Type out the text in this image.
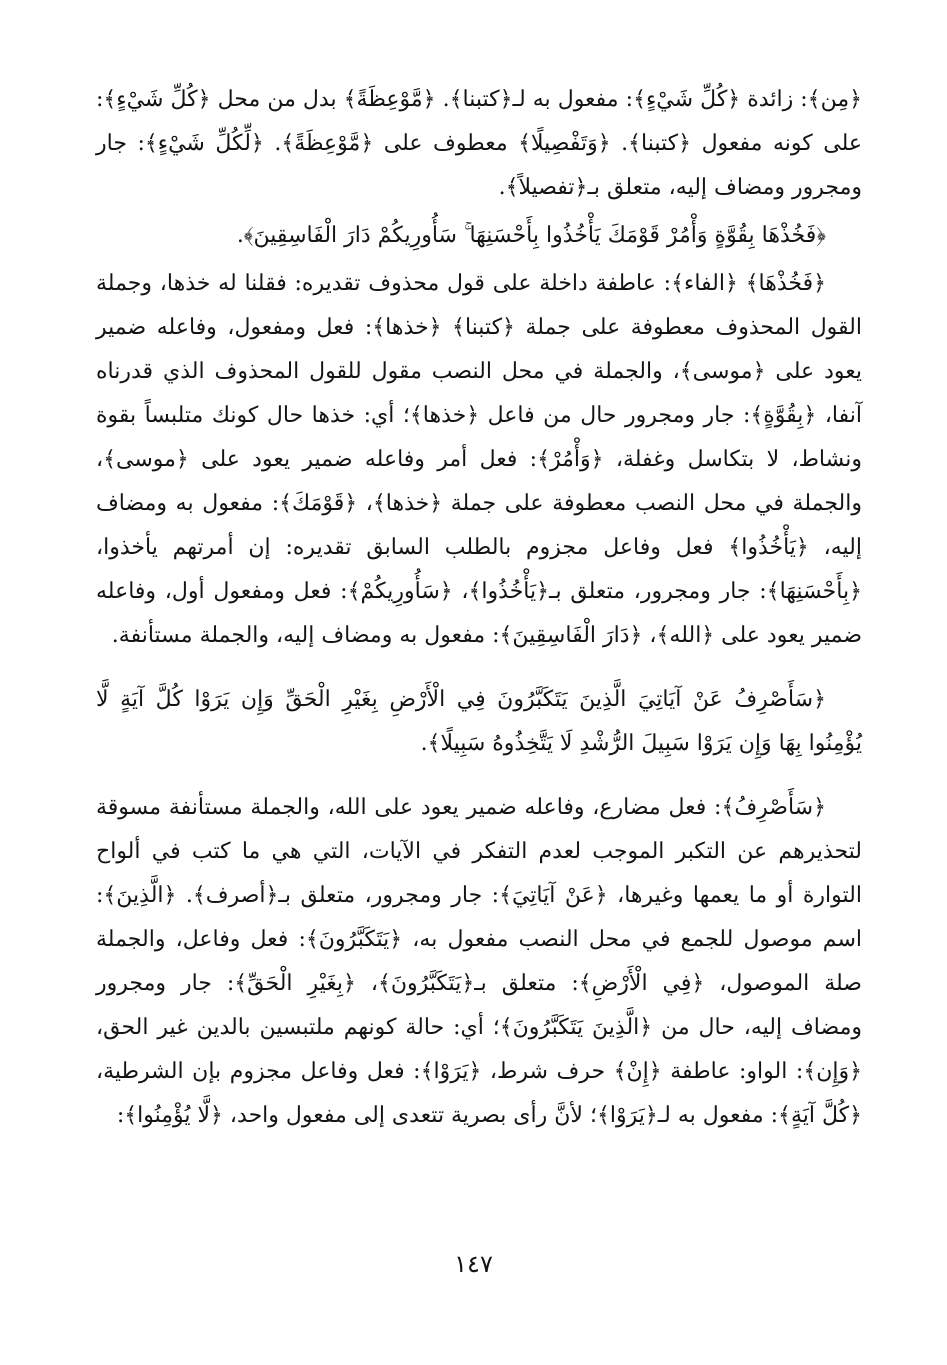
﴿مِن﴾: زائدة ﴿كُلِّ شَيْءٍ﴾: مفعول به لـ﴿كتبنا﴾. ﴿مَّوْعِظَةً﴾ بدل من محل ﴿كُلِّ شَيْءٍ﴾: على كونه مفعول ﴿كتبنا﴾. ﴿وَتَفْصِيلًا﴾ معطوف على ﴿مَّوْعِظَةً﴾. ﴿لِّكُلِّ شَيْءٍ﴾: جار ومجرور ومضاف إليه، متعلق بـ﴿تفصيلاً﴾.

﴿فَخُذْهَا بِقُوَّةٍ وَأْمُرْ قَوْمَكَ يَأْخُذُوا بِأَحْسَنِهَا ۚ سَأُورِيكُمْ دَارَ الْفَاسِقِينَ﴾.

﴿فَخُذْهَا﴾ ﴿الفاء﴾: عاطفة داخلة على قول محذوف تقديره: فقلنا له خذها، وجملة القول المحذوف معطوفة على جملة ﴿كتبنا﴾ ﴿خذها﴾: فعل ومفعول، وفاعله ضمير يعود على ﴿موسى﴾، والجملة في محل النصب مقول للقول المحذوف الذي قدرناه آنفا، ﴿بِقُوَّةٍ﴾: جار ومجرور حال من فاعل ﴿خذها﴾؛ أي: خذها حال كونك متلبساً بقوة ونشاط، لا بتكاسل وغفلة، ﴿وَأْمُرْ﴾: فعل أمر وفاعله ضمير يعود على ﴿موسى﴾، والجملة في محل النصب معطوفة على جملة ﴿خذها﴾، ﴿قَوْمَكَ﴾: مفعول به ومضاف إليه، ﴿يَأْخُذُوا﴾ فعل وفاعل مجزوم بالطلب السابق تقديره: إن أمرتهم يأخذوا، ﴿بِأَحْسَنِهَا﴾: جار ومجرور، متعلق بـ﴿يَأْخُذُوا﴾، ﴿سَأُورِيكُمْ﴾: فعل ومفعول أول، وفاعله ضمير يعود على ﴿الله﴾، ﴿دَارَ الْفَاسِقِينَ﴾: مفعول به ومضاف إليه، والجملة مستأنفة.

﴿سَأَصْرِفُ عَنْ آيَاتِيَ الَّذِينَ يَتَكَبَّرُونَ فِي الْأَرْضِ بِغَيْرِ الْحَقِّ وَإِن يَرَوْا كُلَّ آيَةٍ لَّا يُؤْمِنُوا بِهَا وَإِن يَرَوْا سَبِيلَ الرُّشْدِ لَا يَتَّخِذُوهُ سَبِيلًا﴾.

﴿سَأَصْرِفُ﴾: فعل مضارع، وفاعله ضمير يعود على الله، والجملة مستأنفة مسوقة لتحذيرهم عن التكبر الموجب لعدم التفكر في الآيات، التي هي ما كتب في ألواح التوارة أو ما يعمها وغيرها، ﴿عَنْ آيَاتِيَ﴾: جار ومجرور، متعلق بـ﴿أصرف﴾. ﴿الَّذِينَ﴾: اسم موصول للجمع في محل النصب مفعول به، ﴿يَتَكَبَّرُونَ﴾: فعل وفاعل، والجملة صلة الموصول، ﴿فِي الْأَرْضِ﴾: متعلق بـ﴿يَتَكَبَّرُونَ﴾، ﴿بِغَيْرِ الْحَقِّ﴾: جار ومجرور ومضاف إليه، حال من ﴿الَّذِينَ يَتَكَبَّرُونَ﴾؛ أي: حالة كونهم ملتبسين بالدين غير الحق، ﴿وَإِن﴾: الواو: عاطفة ﴿إِنْ﴾ حرف شرط، ﴿يَرَوْا﴾: فعل وفاعل مجزوم بإن الشرطية، ﴿كُلَّ آيَةٍ﴾: مفعول به لـ﴿يَرَوْا﴾؛ لأنَّ رأى بصرية تتعدى إلى مفعول واحد، ﴿لَّا يُؤْمِنُوا﴾:

١٤٧
